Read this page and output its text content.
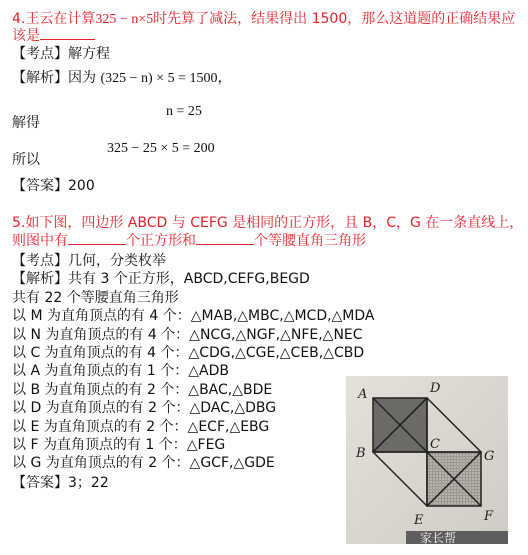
4.王云在计算325 − n×5时先算了减法，结果得出 1500，那么这道题的正确结果应
该是
【考点】解方程
【解析】因为 (325 − n) × 5 = 1500，
解得
n = 25
所以
325 − 25 × 5 = 200
【答案】200
5.如下图，四边形 ABCD 与 CEFG 是相同的正方形，且 B，C，G 在一条直线上，
则图中有	个正方形和	个等腰直角三角形
【考点】几何，分类枚举
【解析】共有 3 个正方形，ABCD,CEFG,BEGD
共有 22 个等腰直角三角形
以 M 为直角顶点的有 4 个：△MAB,△MBC,△MCD,△MDA
以 N 为直角顶点的有 4 个：△NCG,△NGF,△NFE,△NEC
以 C 为直角顶点的有 4 个：△CDG,△CGE,△CEB,△CBD
以 A 为直角顶点的有 1 个：△ADB
以 B 为直角顶点的有 2 个：△BAC,△BDE
以 D 为直角顶点的有 2 个：△DAC,△DBG
以 E 为直角顶点的有 2 个：△ECF,△EBG
以 F 为直角顶点的有 1 个：△FEG
以 G 为直角顶点的有 2 个：△GCF,△GDE
【答案】3；22
A	D
B
C
G
E	F
家长帮
